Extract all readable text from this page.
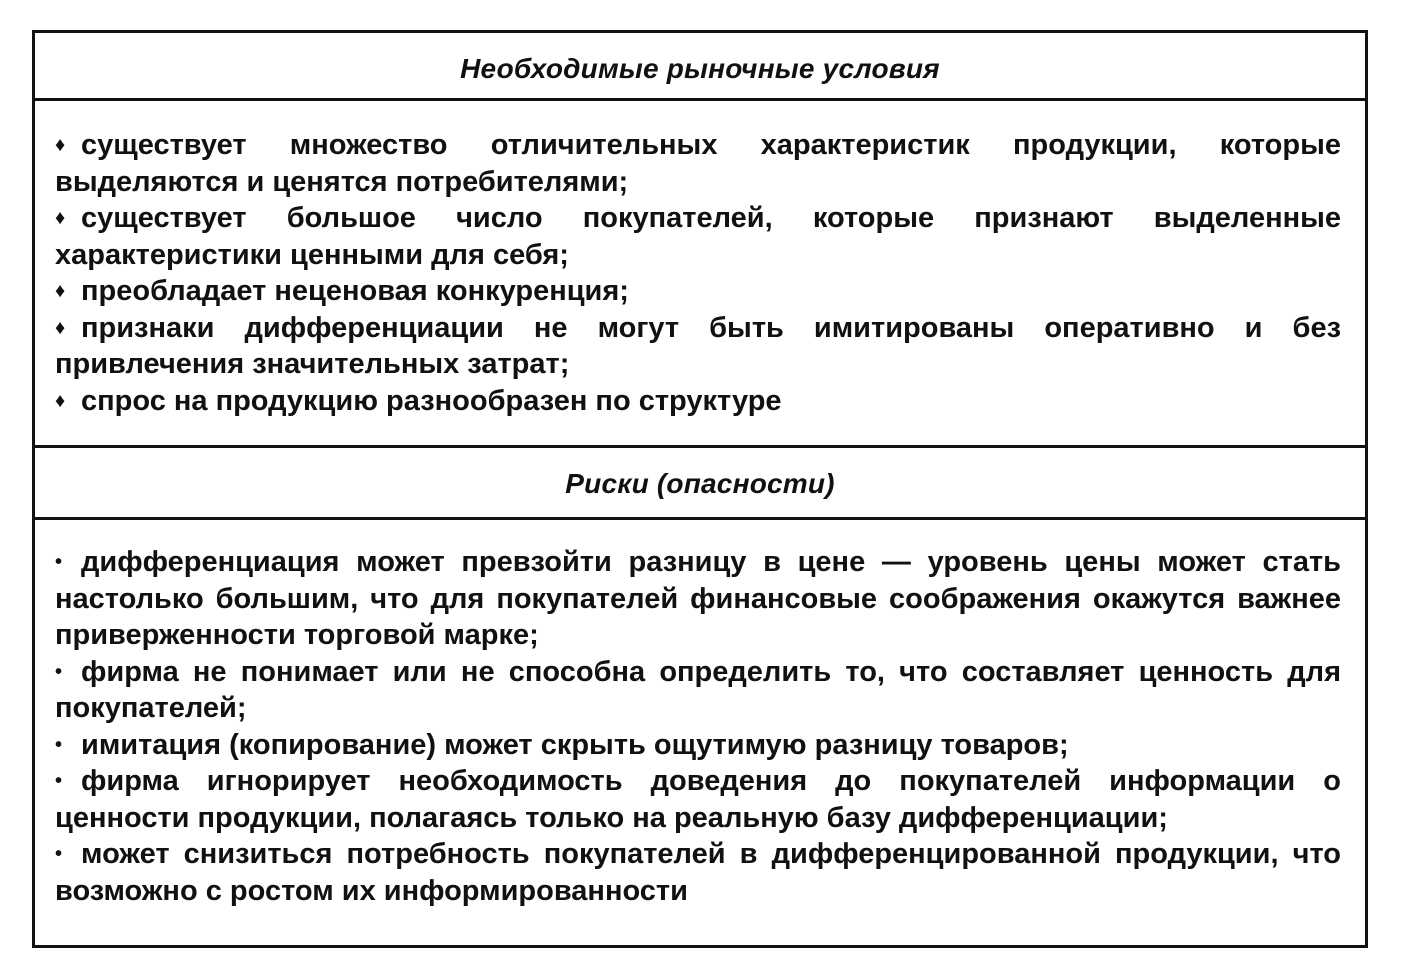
Необходимые рыночные условия

♦ существует множество отличительных характеристик продукции, которые выделяются и ценятся потребителями;

♦ существует большое число покупателей, которые признают выделенные характеристики ценными для себя;

♦ преобладает неценовая конкуренция;

♦ признаки дифференциации не могут быть имитированы оперативно и без привлечения значительных затрат;

♦ спрос на продукцию разнообразен по структуре

Риски (опасности)

• дифференциация может превзойти разницу в цене — уровень цены может стать настолько большим, что для покупателей финансовые соображения окажутся важнее приверженности торговой марке;

• фирма не понимает или не способна определить то, что составляет ценность для покупателей;

• имитация (копирование) может скрыть ощутимую разницу товаров;

• фирма игнорирует необходимость доведения до покупателей информации о ценности продукции, полагаясь только на реальную базу дифференциации;

• может снизиться потребность покупателей в дифференцированной продукции, что возможно с ростом их информированности
